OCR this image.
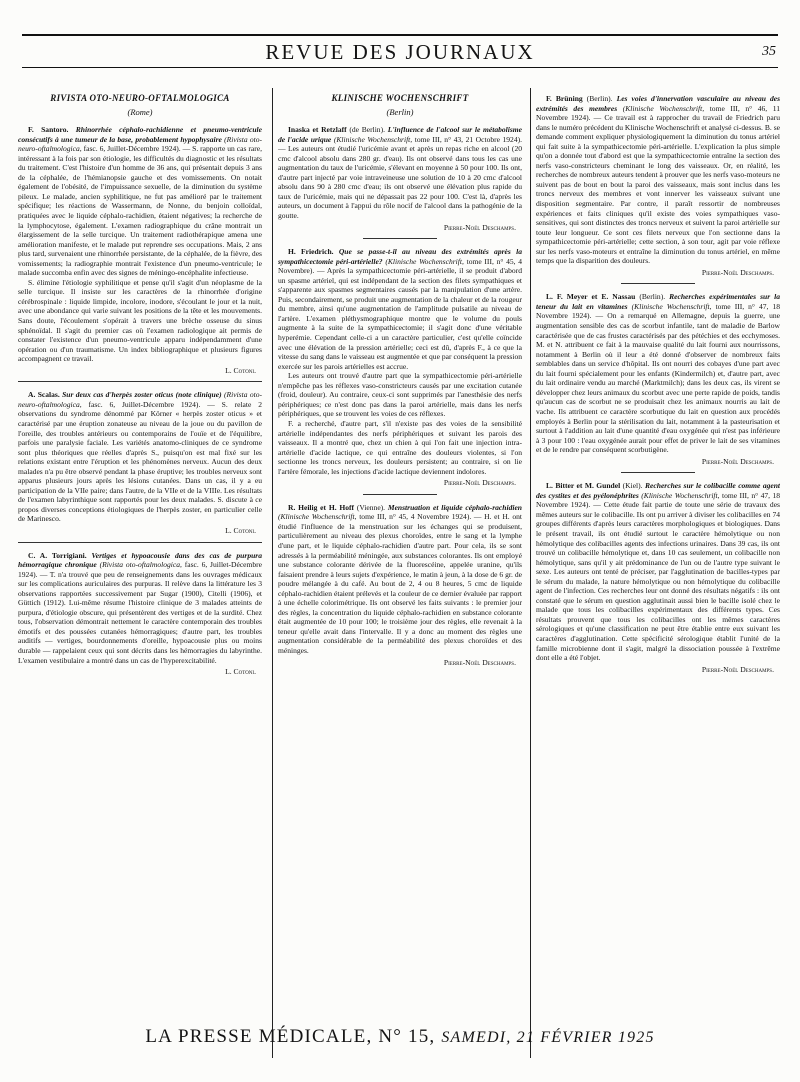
REVUE DES JOURNAUX	35
RIVISTA OTO-NEURO-OFTALMOLOGICA
(Rome)

F. Santoro. Rhinorrhée céphalo-rachidienne et pneumo-ventricule consécutifs à une tumeur de la base, probablement hypophysaire (Rivista oto-neuro-oftalmologica, fasc. 6, Juillet-Décembre 1924). — S. rapporte un cas rare, intéressant à la fois par son étiologie, les difficultés du diagnostic et les résultats du traitement. C'est l'histoire d'un homme de 36 ans, qui présentait depuis 3 ans de la céphalée, de l'hémianopsie gauche et des vomissements. On notait également de l'obésité, de l'impuissance sexuelle, de la diminution du système pileux. Le malade, ancien syphilitique, ne fut pas amélioré par le traitement spécifique; les réactions de Wassermann, de Nonne, du benjoin colloïdal, pratiquées avec le liquide céphalo-rachidien, étaient négatives; la recherche de la lymphocytose, également. L'examen radiographique du crâne montrait un élargissement de la selle turcique. Un traitement radiothérapique amena une amélioration manifeste, et le malade put reprendre ses occupations. Mais, 2 ans plus tard, survenaient une rhinorrhée persistante, de la céphalée, de la fièvre, des vomissements; la radiographie montrait l'existence d'un pneumo-ventricule; le malade succomba enfin avec des signes de méningo-encéphalite infectieuse.

S. élimine l'étiologie syphilitique et pense qu'il s'agit d'un néoplasme de la selle turcique. Il insiste sur les caractères de la rhinorrhée d'origine cérébrospinale : liquide limpide, incolore, inodore, s'écoulant le jour et la nuit, avec une abondance qui varie suivant les positions de la tête et les mouvements. Sans doute, l'écoulement s'opérait à travers une brèche osseuse du sinus sphénoïdal. Il s'agit du premier cas où l'examen radiologique ait permis de constater l'existence d'un pneumo-ventricule apparu indépendamment d'une opération ou d'un traumatisme. Un index bibliographique et plusieurs figures accompagnent ce travail.

L. Cotoni.

A. Scalas. Sur deux cas d'herpès zoster oticus (note clinique) (Rivista oto-neuro-oftalmologica, fasc. 6, Juillet-Décembre 1924). — S. relate 2 observations du syndrome dénommé par Körner « herpès zoster oticus » et caractérisé par une éruption zonateuse au niveau de la joue ou du pavillon de l'oreille, des troubles antérieurs ou contemporains de l'ouïe et de l'équilibre, parfois une paralysie faciale. Les variétés anatomo-cliniques de ce syndrome sont plus théoriques que réelles d'après S., puisqu'on est mal fixé sur les relations existant entre l'éruption et les phénomènes nerveux. Aucun des deux malades n'a pu être observé pendant la phase éruptive; les troubles nerveux sont apparus plusieurs jours après les lésions cutanées. Dans un cas, il y a eu participation de la VIIe paire; dans l'autre, de la VIIe et de la VIIIe. Les résultats de l'examen labyrinthique sont rapportés pour les deux malades. S. discute à ce propos diverses conceptions étiologiques de l'herpès zoster, en particulier celle de Marinesco.

L. Cotoni.

C. A. Torrigiani. Vertiges et hypoacousie dans des cas de purpura hémorragique chronique (Rivista oto-oftalmologica, fasc. 6, Juillet-Décembre 1924). — T. n'a trouvé que peu de renseignements dans les ouvrages médicaux sur les complications auriculaires des purpuras. Il relève dans la littérature les 3 observations rapportées successivement par Sugar (1900), Citelli (1906), et Güttich (1912). Lui-même résume l'histoire clinique de 3 malades atteints de purpura, d'étiologie obscure, qui présentèrent des vertiges et de la surdité. Chez tous, l'observation démontrait nettement le caractère contemporain des troubles émotifs et des poussées cutanées hémorragiques; d'autre part, les troubles auditifs — vertiges, bourdonnements d'oreille, hypoacousie plus ou moins durable — rappelaient ceux qui sont décrits dans les hémorragies du labyrinthe. L'examen vestibulaire a montré dans un cas de l'hyperexcitabilité.

L. Cotoni.
KLINISCHE WOCHENSCHRIFT
(Berlin)

Inaska et Retzlaff (de Berlin). L'influence de l'alcool sur le métabolisme de l'acide urique (Klinische Wochenschrift, tome III, n° 43, 21 Octobre 1924). — Les auteurs ont étudié l'uricémie avant et après un repas riche en alcool (20 cmc d'alcool absolu dans 280 gr. d'eau). Ils ont observé dans tous les cas une augmentation du taux de l'uricémie, s'élevant en moyenne à 50 pour 100. Ils ont, d'autre part injecté par voie intraveineuse une solution de 10 à 20 cmc d'alcool absolu dans 90 à 280 cmc d'eau; ils ont observé une élévation plus rapide du taux de l'uricémie, mais qui ne dépassait pas 22 pour 100. C'est là, d'après les auteurs, un document à l'appui du rôle nocif de l'alcool dans la pathogénie de la goutte.

Pierre-Noël Deschamps.

H. Friedrich. Que se passe-t-il au niveau des extrémités après la sympathicectomie péri-artérielle? (Klinische Wochenschrift, tome III, n° 45, 4 Novembre). — Après la sympathicectomie péri-artérielle, il se produit d'abord un spasme artériel, qui est indépendant de la section des filets sympathiques et s'apparente aux spasmes segmentaires causés par la manipulation d'une artère. Puis, secondairement, se produit une augmentation de la chaleur et de la rougeur du membre, ainsi qu'une augmentation de l'amplitude pulsatile au niveau de l'artère. L'examen pléthysmographique montre que le volume du pouls augmente à la suite de la sympathicectomie; il s'agit donc d'une véritable hyperémie. Cependant celle-ci a un caractère particulier, c'est qu'elle coïncide avec une élévation de la pression artérielle; ceci est dû, d'après F., à ce que la vitesse du sang dans le vaisseau est augmentée et que par conséquent la pression exercée sur les parois artérielles est accrue.

Les auteurs ont trouvé d'autre part que la sympathicectomie péri-artérielle n'empêche pas les réflexes vaso-constricteurs causés par une excitation cutanée (froid, douleur). Au contraire, ceux-ci sont supprimés par l'anesthésie des nerfs périphériques; ce n'est donc pas dans la paroi artérielle, mais dans les nerfs périphériques, que se trouvent les voies de ces réflexes.

F. a recherché, d'autre part, s'il n'existe pas des voies de la sensibilité artérielle indépendantes des nerfs périphériques et suivant les parois des vaisseaux. Il a montré que, chez un chien à qui l'on fait une injection intra-artérielle d'acide lactique, ce qui entraîne des douleurs violentes, si l'on sectionne les troncs nerveux, les douleurs persistent; au contraire, si on lie l'artère fémorale, les injections d'acide lactique deviennent indolores.

Pierre-Noël Deschamps.

R. Heilig et H. Hoff (Vienne). Menstruation et liquide céphalo-rachidien (Klinische Wochenschrift, tome III, n° 45, 4 Novembre 1924). — H. et H. ont étudié l'influence de la menstruation sur les échanges qui se produisent, particulièrement au niveau des plexus choroïdes, entre le sang et la lymphe d'une part, et le liquide céphalo-rachidien d'autre part. Pour cela, ils se sont adressés à la perméabilité méningée, aux substances colorantes. Ils ont employé une substance colorante dérivée de la fluorescéine, appelée uranine, qu'ils faisaient prendre à leurs sujets d'expérience, le matin à jeun, à la dose de 6 gr. de poudre mélangée à du café. Au bout de 2, 4 ou 8 heures, 5 cmc de liquide céphalo-rachidien étaient prélevés et la couleur de ce dernier évaluée par rapport à une échelle colorimétrique. Ils ont observé les faits suivants : le premier jour des règles, la concentration du liquide céphalo-rachidien en substance colorante était augmentée de 10 pour 100; le troisième jour des règles, elle revenait à la teneur qu'elle avait dans l'intervalle. Il y a donc au moment des règles une augmentation considérable de la perméabilité des plexus choroïdes et des méninges.

Pierre-Noël Deschamps.

F. Brüning (Berlin). Les voies d'innervation vasculaire au niveau des extrémités des membres (Klinische Wochenschrift, tome III, n° 46, 11 Novembre 1924). — Ce travail est à rapprocher du travail de Friedrich paru dans le numéro précédent du Klinische Wochenschrift et analysé ci-dessus. B. se demande comment expliquer physiologiquement la diminution du tonus artériel qui fait suite à la sympathicectomie péri-artérielle. L'explication la plus simple qu'on a donnée tout d'abord est que la sympathicectomie entraîne la section des nerfs vaso-constricteurs cheminant le long des vaisseaux. Or, en réalité, les recherches de nombreux auteurs tendent à prouver que les nerfs vaso-moteurs ne suivent pas de bout en bout la paroi des vaisseaux, mais sont inclus dans les troncs nerveux des membres et vont innerver les vaisseaux suivant une disposition segmentaire. Par contre, il paraît ressortir de nombreuses expériences et faits cliniques qu'il existe des voies sympathiques vaso-sensitives, qui sont distinctes des troncs nerveux et suivent la paroi artérielle sur toute leur longueur. Ce sont ces filets nerveux que l'on sectionne dans la sympathicectomie péri-artérielle; cette section, à son tour, agit par voie réflexe sur les nerfs vaso-moteurs et entraîne la diminution du tonus artériel, en même temps que la disparition des douleurs.

Pierre-Noël Deschamps.

L. F. Meyer et E. Nassau (Berlin). Recherches expérimentales sur la teneur du lait en vitamines (Klinische Wochenschrift, tome III, n° 47, 18 Novembre 1924). — On a remarqué en Allemagne, depuis la guerre, une augmentation sensible des cas de scorbut infantile, tant de maladie de Barlow caractérisée que de cas frustes caractérisés par des pétéchies et des ecchymoses. M. et N. attribuent ce fait à la mauvaise qualité du lait fourni aux nourrissons, notamment à Berlin où il leur a été donné d'observer de nombreux faits semblables dans un service d'hôpital. Ils ont nourri des cobayes d'une part avec du lait fourni spécialement pour les enfants (Kindermilch) et, d'autre part, avec du lait ordinaire vendu au marché (Marktmilch); dans les deux cas, ils virent se développer chez leurs animaux du scorbut avec une perte rapide de poids, tandis qu'aucun cas de scorbut ne se produisait chez les animaux nourris au lait de vache. Ils attribuent ce caractère scorbutique du lait en question aux procédés employés à Berlin pour la stérilisation du lait, notamment à la pasteurisation et surtout à l'addition au lait d'une quantité d'eau oxygénée qui n'est pas inférieure à 3 pour 100 : l'eau oxygénée aurait pour effet de priver le lait de ses vitamines et de le rendre par conséquent scorbutigène.

Pierre-Noël Deschamps.

L. Bitter et M. Gundel (Kiel). Recherches sur le colibacille comme agent des cystites et des pyélonéphrites (Klinische Wochenschrift, tome III, n° 47, 18 Novembre 1924). — Cette étude fait partie de toute une série de travaux des mêmes auteurs sur le colibacille. Ils ont pu arriver à diviser les colibacilles en 74 groupes différents d'après leurs caractères morphologiques et biologiques. Dans le présent travail, ils ont étudié surtout le caractère hémolytique ou non hémolytique des colibacilles agents des infections urinaires. Dans 39 cas, ils ont trouvé un colibacille hémolytique et, dans 10 cas seulement, un colibacille non hémolytique, sans qu'il y ait prédominance de l'un ou de l'autre type suivant le sexe. Les auteurs ont tenté de préciser, par l'agglutination de bacilles-types par le sérum du malade, la nature hémolytique ou non hémolytique du colibacille agent de l'infection. Ces recherches leur ont donné des résultats négatifs : ils ont constaté que le sérum en question agglutinait aussi bien le bacille isolé chez le malade que tous les colibacilles expérimentaux des différents types. Ces résultats prouvent que tous les colibacilles ont les mêmes caractères sérologiques et qu'une classification ne peut être établie entre eux suivant les caractères d'agglutination. Cette spécificité sérologique établit l'unité de la famille microbienne dont il s'agit, malgré la dissociation poussée à l'extrême dont elle a été l'objet.

Pierre-Noël Deschamps.
LA PRESSE MÉDICALE, N° 15, SAMEDI, 21 FÉVRIER 1925
